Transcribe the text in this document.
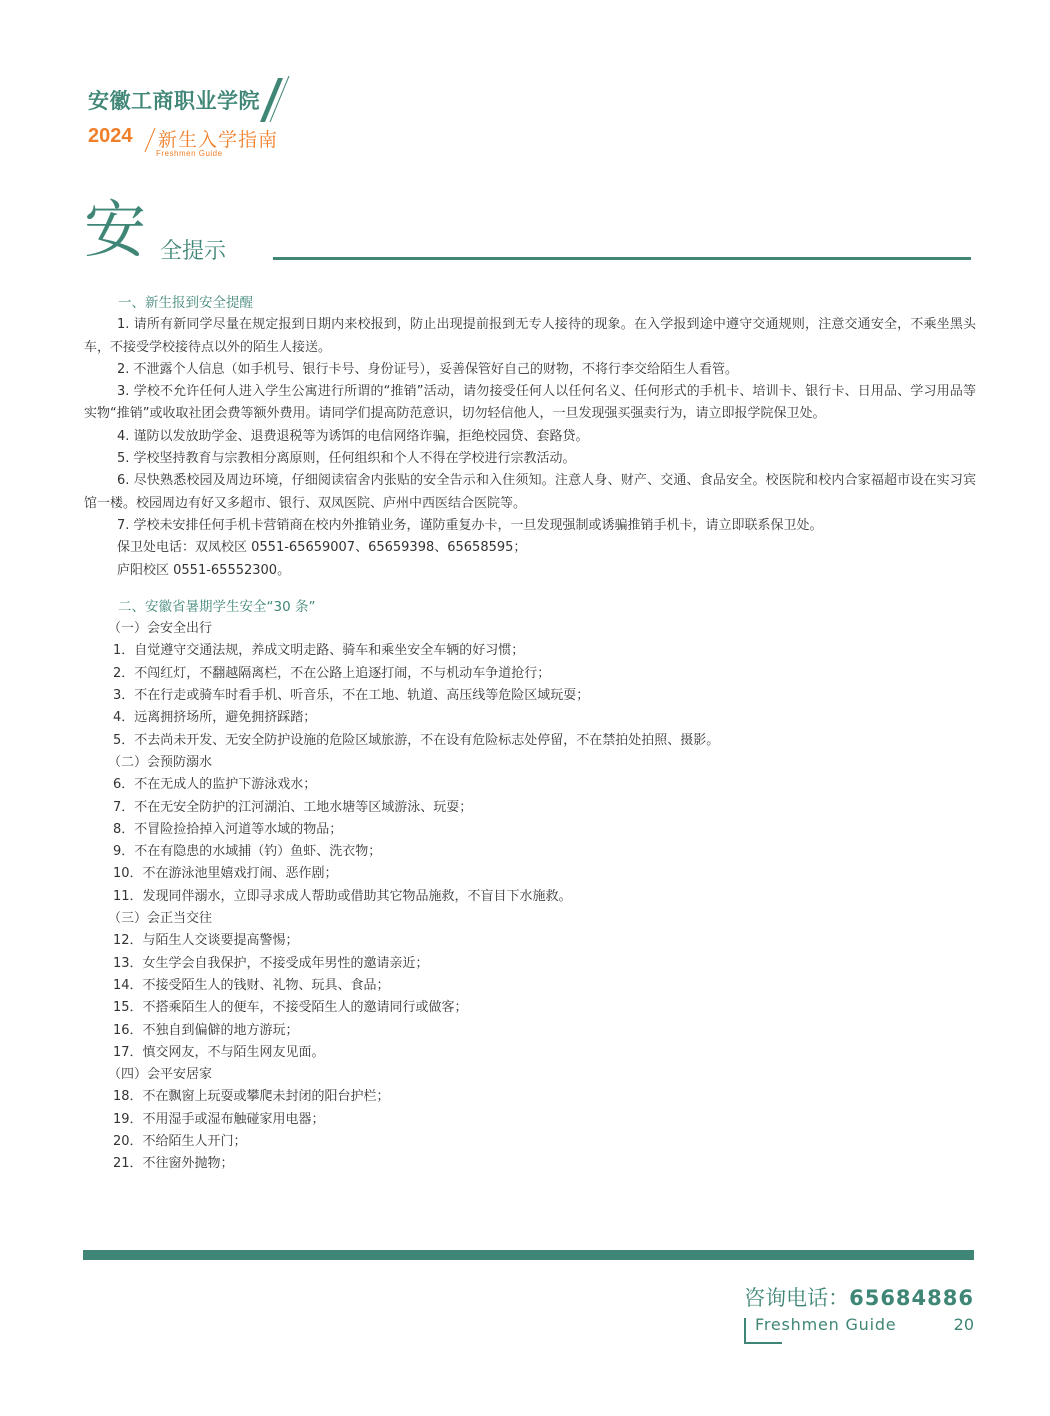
安徽工商职业学院
2024 新生入学指南
Freshmen Guide
安 全提示
一、新生报到安全提醒

1. 请所有新同学尽量在规定报到日期内来校报到，防止出现提前报到无专人接待的现象。在入学报到途中遵守交通规则，注意交通安全，不乘坐黑头车，不接受学校接待点以外的陌生人接送。

2. 不泄露个人信息（如手机号、银行卡号、身份证号），妥善保管好自己的财物，不将行李交给陌生人看管。

3. 学校不允许任何人进入学生公寓进行所谓的“推销”活动，请勿接受任何人以任何名义、任何形式的手机卡、培训卡、银行卡、日用品、学习用品等实物“推销”或收取社团会费等额外费用。请同学们提高防范意识，切勿轻信他人，一旦发现强买强卖行为，请立即报学院保卫处。

4. 谨防以发放助学金、退费退税等为诱饵的电信网络诈骗，拒绝校园贷、套路贷。

5. 学校坚持教育与宗教相分离原则，任何组织和个人不得在学校进行宗教活动。

6. 尽快熟悉校园及周边环境，仔细阅读宿舍内张贴的安全告示和入住须知。注意人身、财产、交通、食品安全。校医院和校内合家福超市设在实习宾馆一楼。校园周边有好又多超市、银行、双凤医院、庐州中西医结合医院等。

7. 学校未安排任何手机卡营销商在校内外推销业务，谨防重复办卡，一旦发现强制或诱骗推销手机卡，请立即联系保卫处。

保卫处电话：双凤校区 0551-65659007、65659398、65658595；

庐阳校区 0551-65552300。

二、安徽省暑期学生安全“30 条”

（一）会安全出行

1．自觉遵守交通法规，养成文明走路、骑车和乘坐安全车辆的好习惯；

2．不闯红灯，不翻越隔离栏，不在公路上追逐打闹，不与机动车争道抢行；

3．不在行走或骑车时看手机、听音乐，不在工地、轨道、高压线等危险区域玩耍；

4．远离拥挤场所，避免拥挤踩踏；

5．不去尚未开发、无安全防护设施的危险区域旅游，不在设有危险标志处停留，不在禁拍处拍照、摄影。

（二）会预防溺水

6．不在无成人的监护下游泳戏水；

7．不在无安全防护的江河湖泊、工地水塘等区域游泳、玩耍；

8．不冒险捡拾掉入河道等水域的物品；

9．不在有隐患的水域捕（钓）鱼虾、洗衣物；

10．不在游泳池里嬉戏打闹、恶作剧；

11．发现同伴溺水，立即寻求成人帮助或借助其它物品施救，不盲目下水施救。

（三）会正当交往

12．与陌生人交谈要提高警惕；

13．女生学会自我保护，不接受成年男性的邀请亲近；

14．不接受陌生人的钱财、礼物、玩具、食品；

15．不搭乘陌生人的便车，不接受陌生人的邀请同行或做客；

16．不独自到偏僻的地方游玩；

17．慎交网友，不与陌生网友见面。

（四）会平安居家

18．不在飘窗上玩耍或攀爬未封闭的阳台护栏；

19．不用湿手或湿布触碰家用电器；

20．不给陌生人开门；

21．不往窗外抛物；

咨询电话：65684886
Freshmen Guide	20
